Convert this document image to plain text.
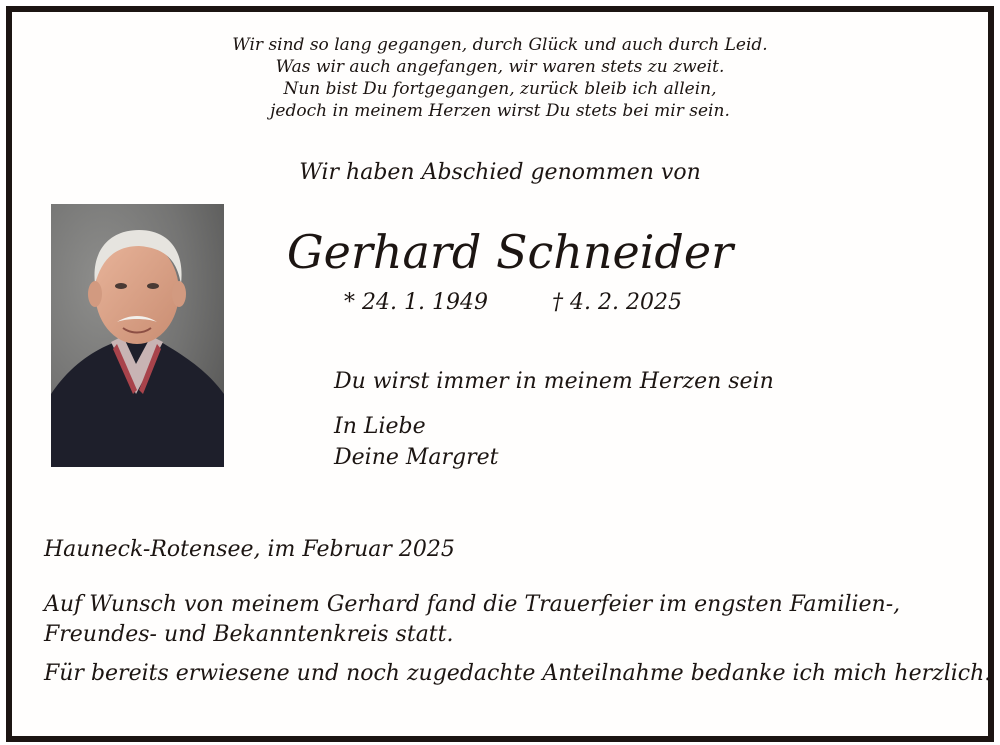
Wir sind so lang gegangen, durch Glück und auch durch Leid.
Was wir auch angefangen, wir waren stets zu zweit.
Nun bist Du fortgegangen, zurück bleib ich allein,
jedoch in meinem Herzen wirst Du stets bei mir sein.
Wir haben Abschied genommen von
Gerhard Schneider
* 24. 1. 1949	† 4. 2. 2025
Du wirst immer in meinem Herzen sein
In Liebe
Deine Margret
Hauneck-Rotensee, im Februar 2025
Auf Wunsch von meinem Gerhard fand die Trauerfeier im engsten Familien-,
Freundes- und Bekanntenkreis statt.
Für bereits erwiesene und noch zugedachte Anteilnahme bedanke ich mich herzlich.
